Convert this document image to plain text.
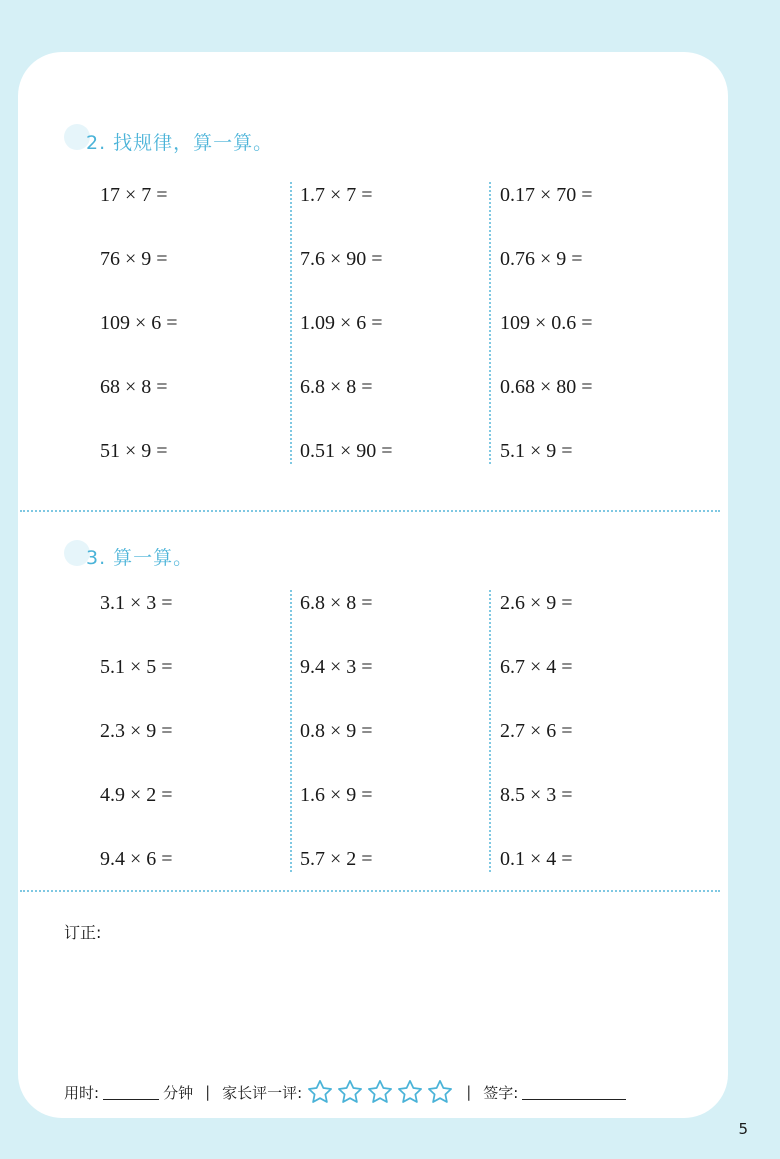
2. 找规律，算一算。
17 × 7 =
76 × 9 =
109 × 6 =
68 × 8 =
51 × 9 =
1.7 × 7 =
7.6 × 90 =
1.09 × 6 =
6.8 × 8 =
0.51 × 90 =
0.17 × 70 =
0.76 × 9 =
109 × 0.6 =
0.68 × 80 =
5.1 × 9 =
3. 算一算。
3.1 × 3 =
5.1 × 5 =
2.3 × 9 =
4.9 × 2 =
9.4 × 6 =
6.8 × 8 =
9.4 × 3 =
0.8 × 9 =
1.6 × 9 =
5.7 × 2 =
2.6 × 9 =
6.7 × 4 =
2.7 × 6 =
8.5 × 3 =
0.1 × 4 =
订正:
用时:	分钟 | 家长评一评:	| 签字:
5
